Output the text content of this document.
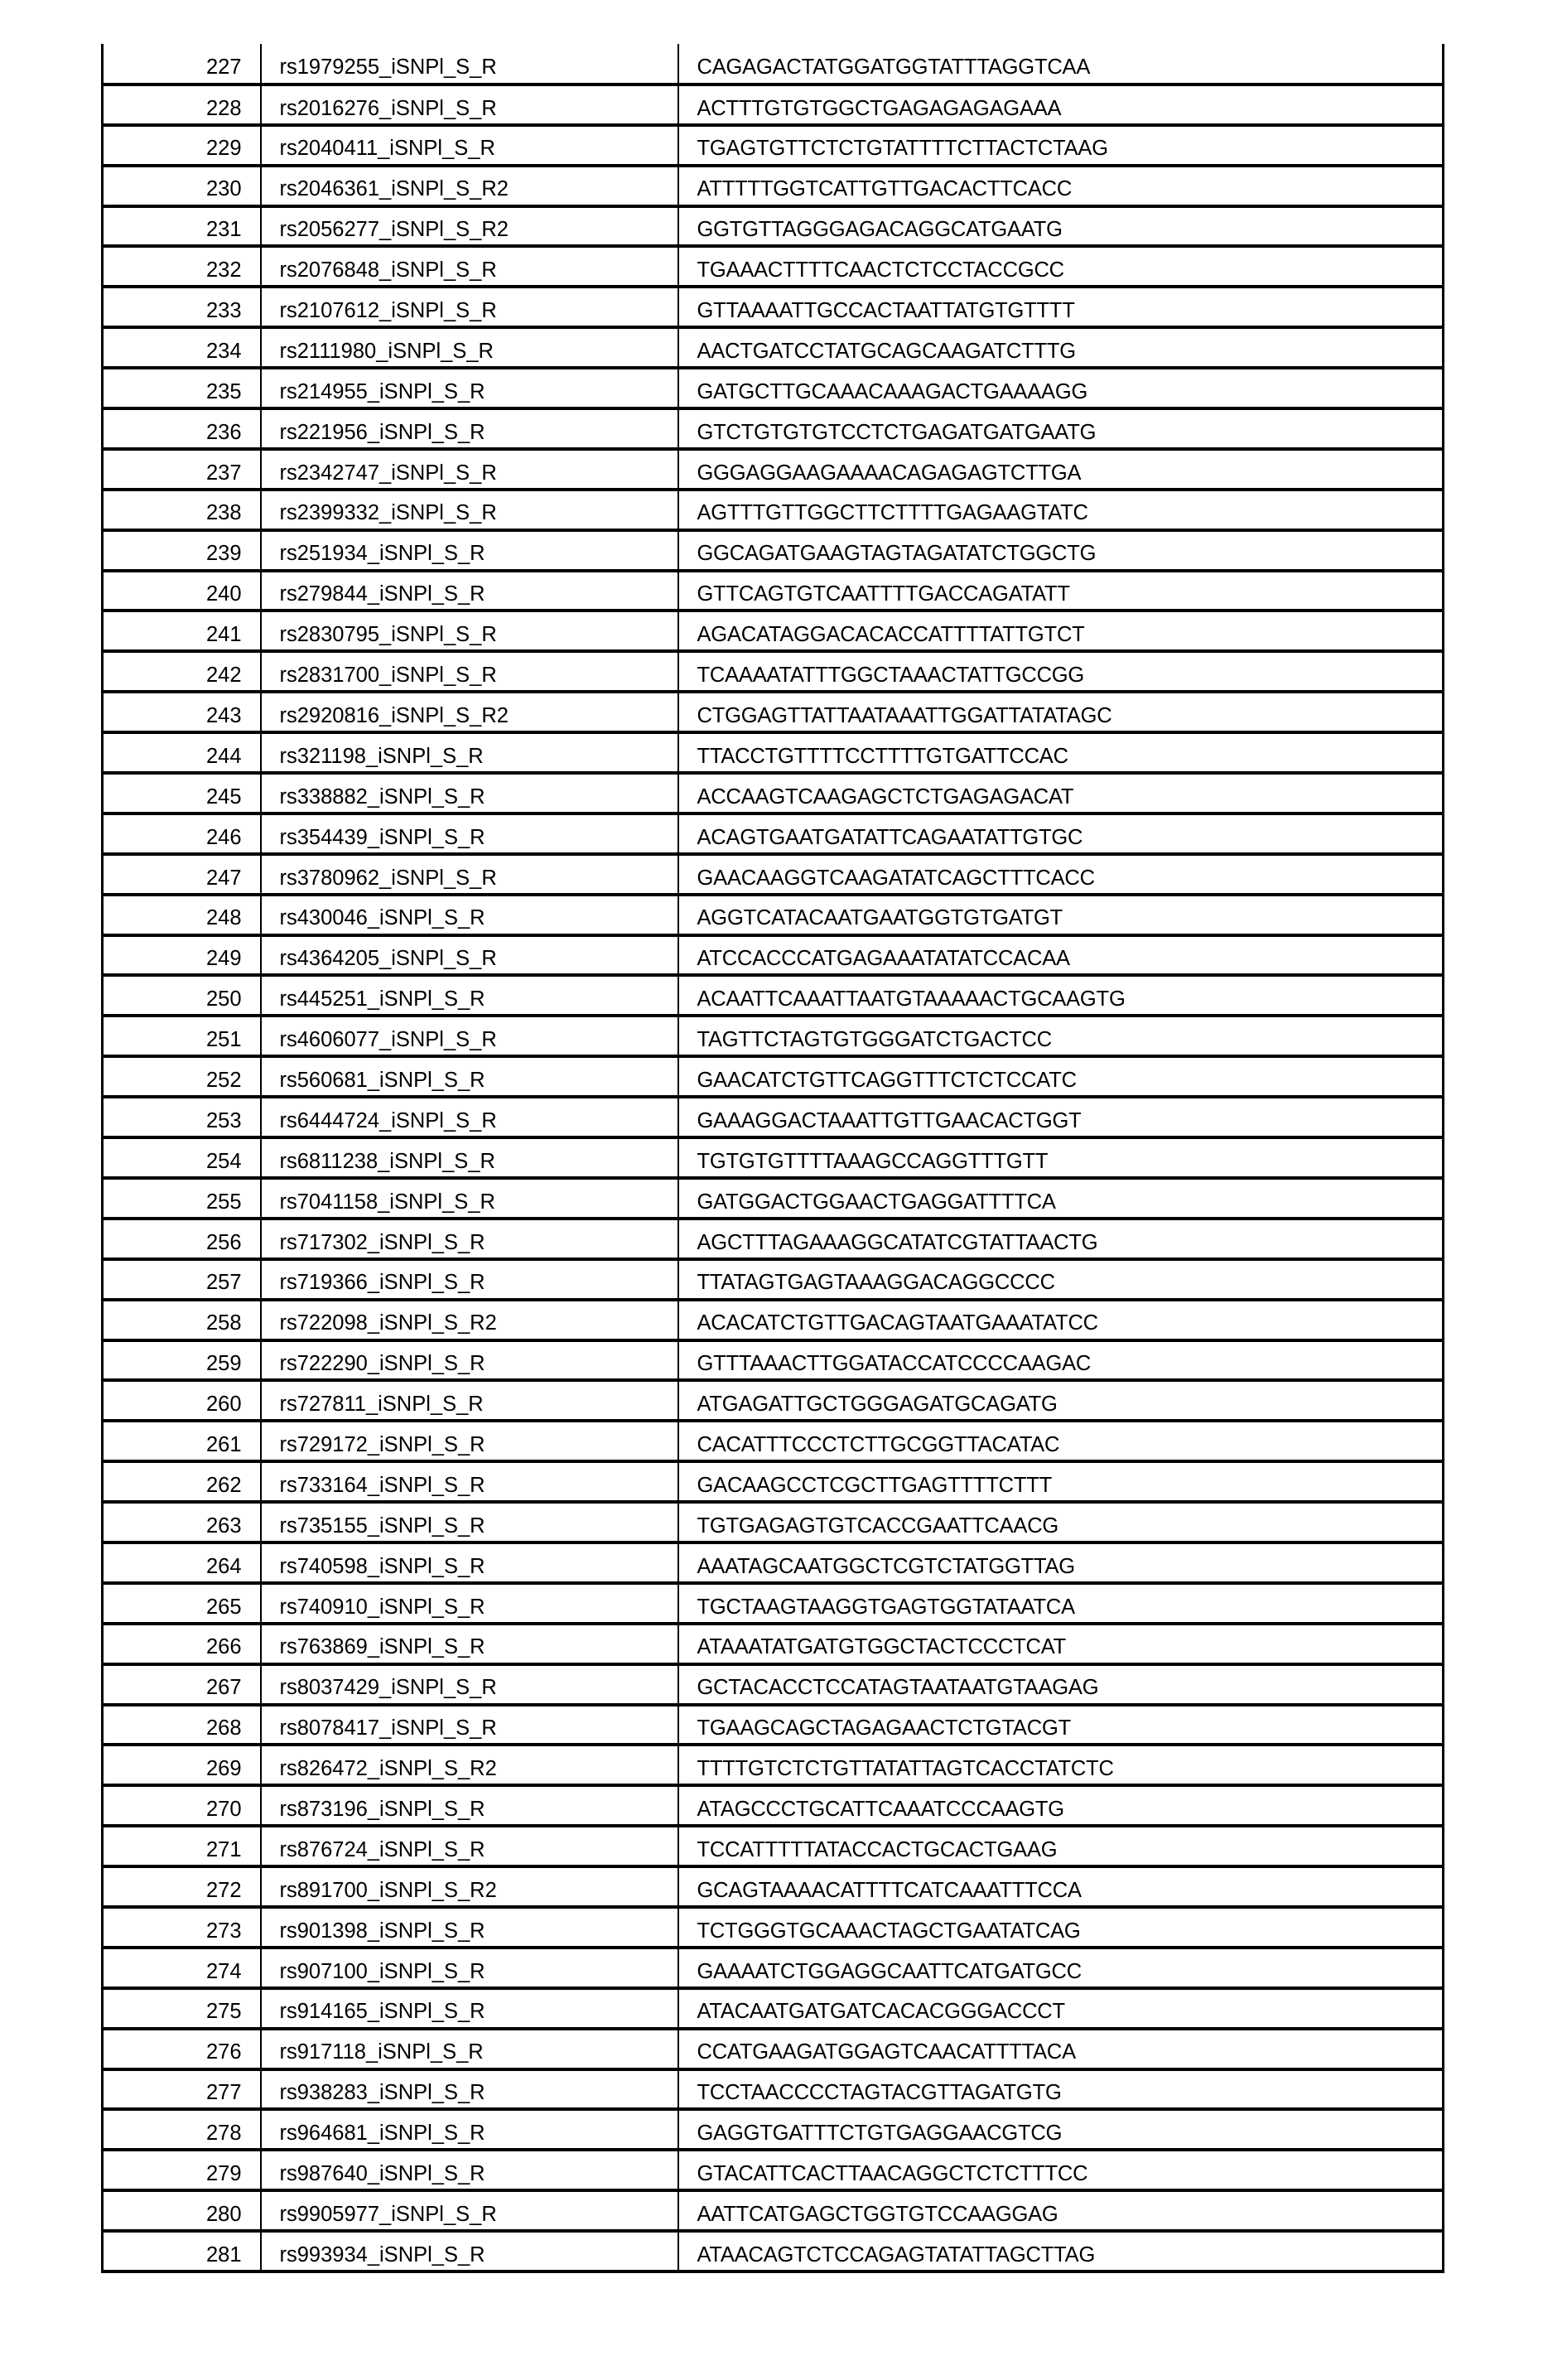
227	rs1979255_iSNPl_S_R	CAGAGACTATGGATGGTATTTAGGTCAA
228	rs2016276_iSNPl_S_R	ACTTTGTGTGGCTGAGAGAGAGAAA
229	rs2040411_iSNPl_S_R	TGAGTGTTCTCTGTATTTTCTTACTCTAAG
230	rs2046361_iSNPl_S_R2	ATTTTTGGTCATTGTTGACACTTCACC
231	rs2056277_iSNPl_S_R2	GGTGTTAGGGAGACAGGCATGAATG
232	rs2076848_iSNPl_S_R	TGAAACTTTTCAACTCTCCTACCGCC
233	rs2107612_iSNPl_S_R	GTTAAAATTGCCACTAATTATGTGTTTT
234	rs2111980_iSNPl_S_R	AACTGATCCTATGCAGCAAGATCTTTG
235	rs214955_iSNPl_S_R	GATGCTTGCAAACAAAGACTGAAAAGG
236	rs221956_iSNPl_S_R	GTCTGTGTGTCCTCTGAGATGATGAATG
237	rs2342747_iSNPl_S_R	GGGAGGAAGAAAACAGAGAGTCTTGA
238	rs2399332_iSNPl_S_R	AGTTTGTTGGCTTCTTTTGAGAAGTATC
239	rs251934_iSNPl_S_R	GGCAGATGAAGTAGTAGATATCTGGCTG
240	rs279844_iSNPl_S_R	GTTCAGTGTCAATTTTGACCAGATATT
241	rs2830795_iSNPl_S_R	AGACATAGGACACACCATTTTATTGTCT
242	rs2831700_iSNPl_S_R	TCAAAATATTTGGCTAAACTATTGCCGG
243	rs2920816_iSNPl_S_R2	CTGGAGTTATTAATAAATTGGATTATATAGC
244	rs321198_iSNPl_S_R	TTACCTGTTTTCCTTTTGTGATTCCAC
245	rs338882_iSNPl_S_R	ACCAAGTCAAGAGCTCTGAGAGACAT
246	rs354439_iSNPl_S_R	ACAGTGAATGATATTCAGAATATTGTGC
247	rs3780962_iSNPl_S_R	GAACAAGGTCAAGATATCAGCTTTCACC
248	rs430046_iSNPl_S_R	AGGTCATACAATGAATGGTGTGATGT
249	rs4364205_iSNPl_S_R	ATCCACCCATGAGAAATATATCCACAA
250	rs445251_iSNPl_S_R	ACAATTCAAATTAATGTAAAAACTGCAAGTG
251	rs4606077_iSNPl_S_R	TAGTTCTAGTGTGGGATCTGACTCC
252	rs560681_iSNPl_S_R	GAACATCTGTTCAGGTTTCTCTCCATC
253	rs6444724_iSNPl_S_R	GAAAGGACTAAATTGTTGAACACTGGT
254	rs6811238_iSNPl_S_R	TGTGTGTTTTAAAGCCAGGTTTGTT
255	rs7041158_iSNPl_S_R	GATGGACTGGAACTGAGGATTTTCA
256	rs717302_iSNPl_S_R	AGCTTTAGAAAGGCATATCGTATTAACTG
257	rs719366_iSNPl_S_R	TTATAGTGAGTAAAGGACAGGCCCC
258	rs722098_iSNPl_S_R2	ACACATCTGTTGACAGTAATGAAATATCC
259	rs722290_iSNPl_S_R	GTTTAAACTTGGATACCATCCCCAAGAC
260	rs727811_iSNPl_S_R	ATGAGATTGCTGGGAGATGCAGATG
261	rs729172_iSNPl_S_R	CACATTTCCCTCTTGCGGTTACATAC
262	rs733164_iSNPl_S_R	GACAAGCCTCGCTTGAGTTTTCTTT
263	rs735155_iSNPl_S_R	TGTGAGAGTGTCACCGAATTCAACG
264	rs740598_iSNPl_S_R	AAATAGCAATGGCTCGTCTATGGTTAG
265	rs740910_iSNPl_S_R	TGCTAAGTAAGGTGAGTGGTATAATCA
266	rs763869_iSNPl_S_R	ATAAATATGATGTGGCTACTCCCTCAT
267	rs8037429_iSNPl_S_R	GCTACACCTCCATAGTAATAATGTAAGAG
268	rs8078417_iSNPl_S_R	TGAAGCAGCTAGAGAACTCTGTACGT
269	rs826472_iSNPl_S_R2	TTTTGTCTCTGTTATATTAGTCACCTATCTC
270	rs873196_iSNPl_S_R	ATAGCCCTGCATTCAAATCCCAAGTG
271	rs876724_iSNPl_S_R	TCCATTTTTATACCACTGCACTGAAG
272	rs891700_iSNPl_S_R2	GCAGTAAAACATTTTCATCAAATTTCCA
273	rs901398_iSNPl_S_R	TCTGGGTGCAAACTAGCTGAATATCAG
274	rs907100_iSNPl_S_R	GAAAATCTGGAGGCAATTCATGATGCC
275	rs914165_iSNPl_S_R	ATACAATGATGATCACACGGGACCCT
276	rs917118_iSNPl_S_R	CCATGAAGATGGAGTCAACATTTTACA
277	rs938283_iSNPl_S_R	TCCTAACCCCTAGTACGTTAGATGTG
278	rs964681_iSNPl_S_R	GAGGTGATTTCTGTGAGGAACGTCG
279	rs987640_iSNPl_S_R	GTACATTCACTTAACAGGCTCTCTTTCC
280	rs9905977_iSNPl_S_R	AATTCATGAGCTGGTGTCCAAGGAG
281	rs993934_iSNPl_S_R	ATAACAGTCTCCAGAGTATATTAGCTTAG
